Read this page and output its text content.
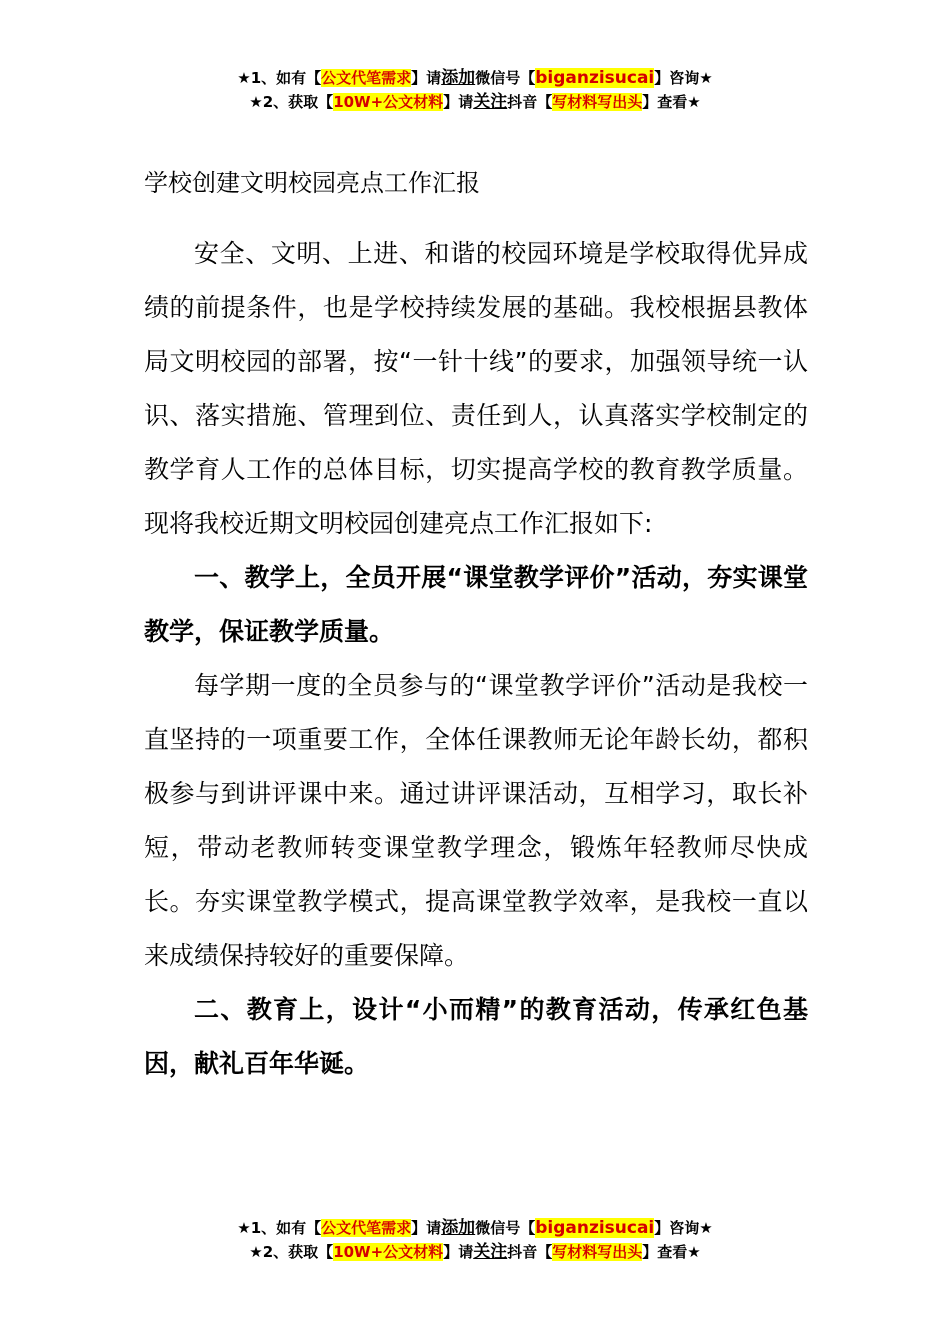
★1、如有【公文代笔需求】请添加微信号【biganzisucai】咨询★
★2、获取【10W+公文材料】请关注抖音【写材料写出头】查看★
学校创建文明校园亮点工作汇报

安全、文明、上进、和谐的校园环境是学校取得优异成绩的前提条件，也是学校持续发展的基础。我校根据县教体局文明校园的部署，按“一针十线”的要求，加强领导统一认识、落实措施、管理到位、责任到人，认真落实学校制定的教学育人工作的总体目标，切实提高学校的教育教学质量。现将我校近期文明校园创建亮点工作汇报如下:

一、教学上，全员开展“课堂教学评价”活动，夯实课堂教学，保证教学质量。

每学期一度的全员参与的“课堂教学评价”活动是我校一直坚持的一项重要工作，全体任课教师无论年龄长幼，都积极参与到讲评课中来。通过讲评课活动，互相学习，取长补短，带动老教师转变课堂教学理念，锻炼年轻教师尽快成长。夯实课堂教学模式，提高课堂教学效率，是我校一直以来成绩保持较好的重要保障。

二、教育上，设计“小而精”的教育活动，传承红色基因，献礼百年华诞。

★1、如有【公文代笔需求】请添加微信号【biganzisucai】咨询★
★2、获取【10W+公文材料】请关注抖音【写材料写出头】查看★
